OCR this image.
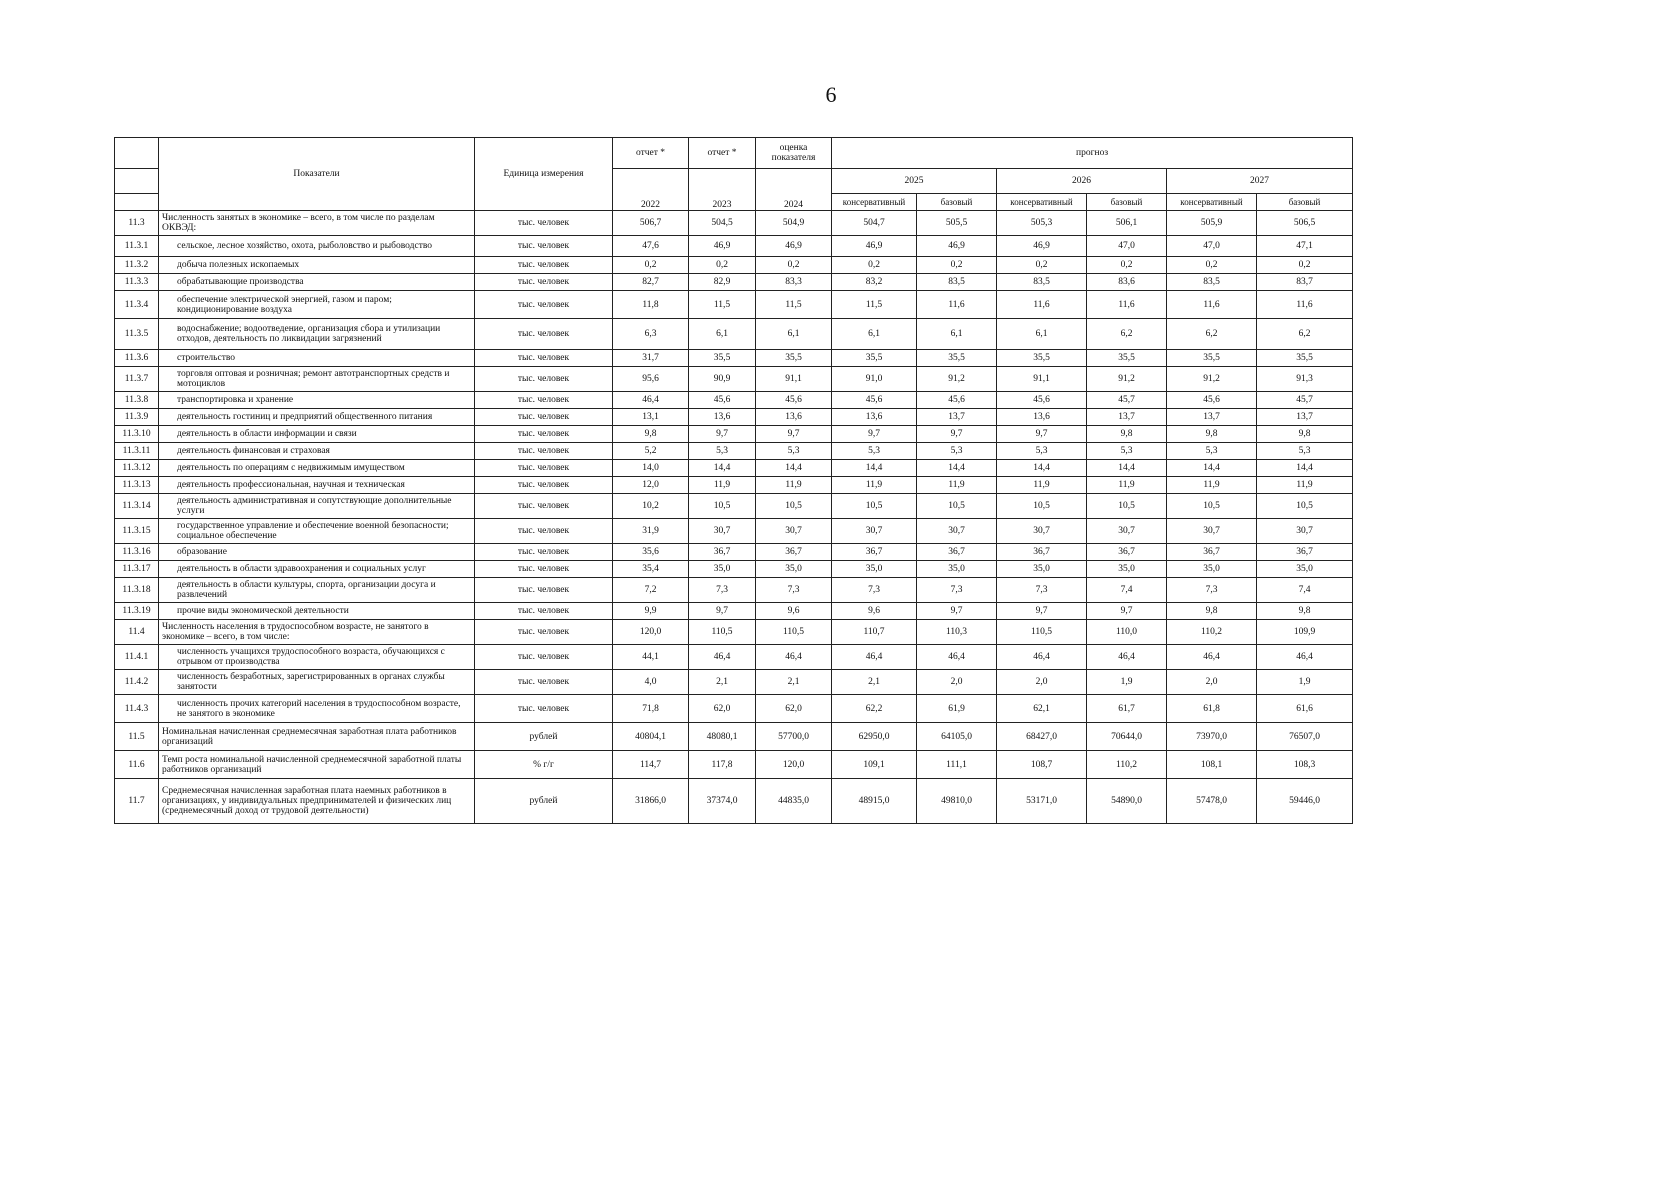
6
	Показатели	Единица измерения	отчет *	отчет *	оценка показателя	прогноз					
			2022	2023	2024	2025		2026		2027	
						консервативный	базовый	консервативный	базовый	консервативный	базовый
11.3	Численность занятых в экономике – всего, в том числе по разделам ОКВЭД:	тыс. человек	506,7	504,5	504,9	504,7	505,5	505,3	506,1	505,9	506,5
11.3.1	сельское, лесное хозяйство, охота, рыболовство и рыбоводство	тыс. человек	47,6	46,9	46,9	46,9	46,9	46,9	47,0	47,0	47,1
11.3.2	добыча полезных ископаемых	тыс. человек	0,2	0,2	0,2	0,2	0,2	0,2	0,2	0,2	0,2
11.3.3	обрабатывающие производства	тыс. человек	82,7	82,9	83,3	83,2	83,5	83,5	83,6	83,5	83,7
11.3.4	обеспечение электрической энергией, газом и паром; кондиционирование воздуха	тыс. человек	11,8	11,5	11,5	11,5	11,6	11,6	11,6	11,6	11,6
11.3.5	водоснабжение; водоотведение, организация сбора и утилизации отходов, деятельность по ликвидации загрязнений	тыс. человек	6,3	6,1	6,1	6,1	6,1	6,1	6,2	6,2	6,2
11.3.6	строительство	тыс. человек	31,7	35,5	35,5	35,5	35,5	35,5	35,5	35,5	35,5
11.3.7	торговля оптовая и розничная; ремонт автотранспортных средств и мотоциклов	тыс. человек	95,6	90,9	91,1	91,0	91,2	91,1	91,2	91,2	91,3
11.3.8	транспортировка и хранение	тыс. человек	46,4	45,6	45,6	45,6	45,6	45,6	45,7	45,6	45,7
11.3.9	деятельность гостиниц и предприятий общественного питания	тыс. человек	13,1	13,6	13,6	13,6	13,7	13,6	13,7	13,7	13,7
11.3.10	деятельность в области информации и связи	тыс. человек	9,8	9,7	9,7	9,7	9,7	9,7	9,8	9,8	9,8
11.3.11	деятельность финансовая и страховая	тыс. человек	5,2	5,3	5,3	5,3	5,3	5,3	5,3	5,3	5,3
11.3.12	деятельность по операциям с недвижимым имуществом	тыс. человек	14,0	14,4	14,4	14,4	14,4	14,4	14,4	14,4	14,4
11.3.13	деятельность профессиональная, научная и техническая	тыс. человек	12,0	11,9	11,9	11,9	11,9	11,9	11,9	11,9	11,9
11.3.14	деятельность административная и сопутствующие дополнительные услуги	тыс. человек	10,2	10,5	10,5	10,5	10,5	10,5	10,5	10,5	10,5
11.3.15	государственное управление и обеспечение военной безопасности; социальное обеспечение	тыс. человек	31,9	30,7	30,7	30,7	30,7	30,7	30,7	30,7	30,7
11.3.16	образование	тыс. человек	35,6	36,7	36,7	36,7	36,7	36,7	36,7	36,7	36,7
11.3.17	деятельность в области здравоохранения и социальных услуг	тыс. человек	35,4	35,0	35,0	35,0	35,0	35,0	35,0	35,0	35,0
11.3.18	деятельность в области культуры, спорта, организации досуга и развлечений	тыс. человек	7,2	7,3	7,3	7,3	7,3	7,3	7,4	7,3	7,4
11.3.19	прочие виды экономической деятельности	тыс. человек	9,9	9,7	9,6	9,6	9,7	9,7	9,7	9,8	9,8
11.4	Численность населения в трудоспособном возрасте, не занятого в экономике – всего, в том числе:	тыс. человек	120,0	110,5	110,5	110,7	110,3	110,5	110,0	110,2	109,9
11.4.1	численность учащихся трудоспособного возраста, обучающихся с отрывом от производства	тыс. человек	44,1	46,4	46,4	46,4	46,4	46,4	46,4	46,4	46,4
11.4.2	численность безработных, зарегистрированных в органах службы занятости	тыс. человек	4,0	2,1	2,1	2,1	2,0	2,0	1,9	2,0	1,9
11.4.3	численность прочих категорий населения в трудоспособном возрасте, не занятого в экономике	тыс. человек	71,8	62,0	62,0	62,2	61,9	62,1	61,7	61,8	61,6
11.5	Номинальная начисленная среднемесячная заработная плата работников организаций	рублей	40804,1	48080,1	57700,0	62950,0	64105,0	68427,0	70644,0	73970,0	76507,0
11.6	Темп роста номинальной начисленной среднемесячной заработной платы работников организаций	% г/г	114,7	117,8	120,0	109,1	111,1	108,7	110,2	108,1	108,3
11.7	Среднемесячная начисленная заработная плата наемных работников в организациях, у индивидуальных предпринимателей и физических лиц (среднемесячный доход от трудовой деятельности)	рублей	31866,0	37374,0	44835,0	48915,0	49810,0	53171,0	54890,0	57478,0	59446,0
